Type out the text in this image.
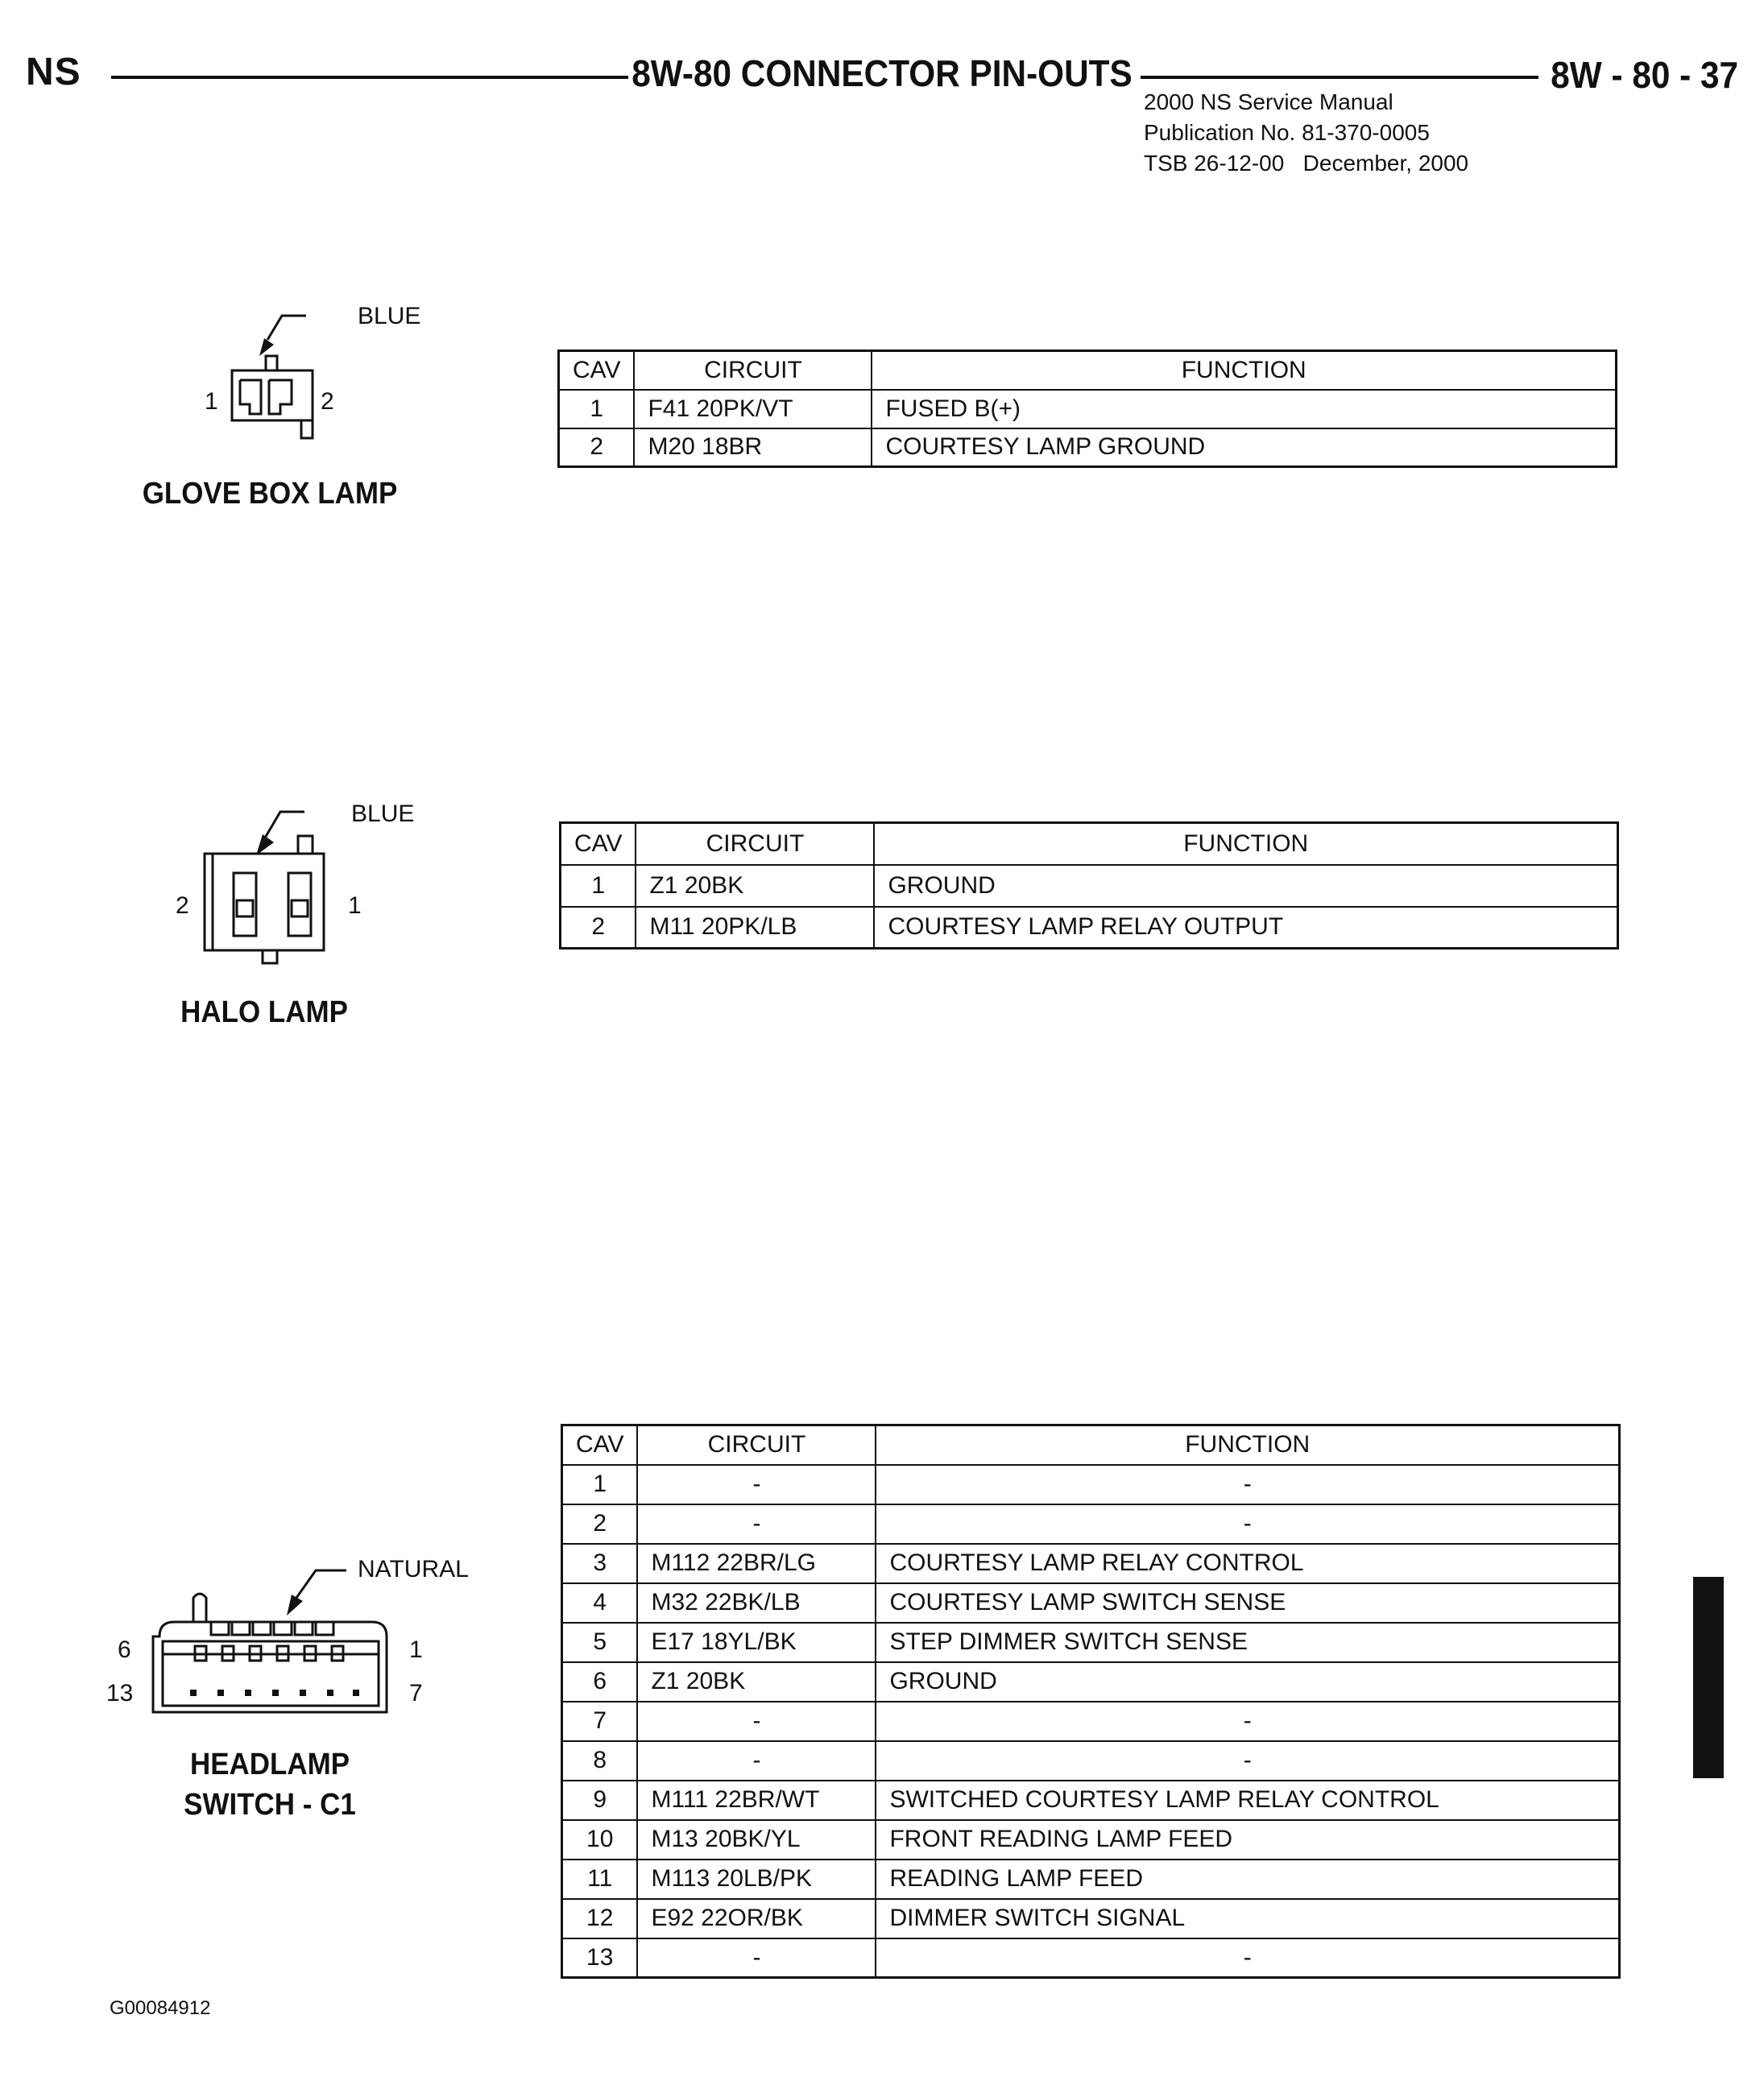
NS	8W-80 CONNECTOR PIN-OUTS	8W - 80 - 37
2000 NS Service Manual
Publication No. 81-370-0005
TSB 26-12-00   December, 2000
BLUE
1	2
GLOVE BOX LAMP
CAV	CIRCUIT	FUNCTION
1	F41 20PK/VT	FUSED B(+)
2	M20 18BR	COURTESY LAMP GROUND
BLUE
2	1
HALO LAMP
CAV	CIRCUIT	FUNCTION
1	Z1 20BK	GROUND
2	M11 20PK/LB	COURTESY LAMP RELAY OUTPUT
NATURAL
6	1
13	7
HEADLAMP
SWITCH - C1
CAV	CIRCUIT	FUNCTION
1	-	-
2	-	-
3	M112 22BR/LG	COURTESY LAMP RELAY CONTROL
4	M32 22BK/LB	COURTESY LAMP SWITCH SENSE
5	E17 18YL/BK	STEP DIMMER SWITCH SENSE
6	Z1 20BK	GROUND
7	-	-
8	-	-
9	M111 22BR/WT	SWITCHED COURTESY LAMP RELAY CONTROL
10	M13 20BK/YL	FRONT READING LAMP FEED
11	M113 20LB/PK	READING LAMP FEED
12	E92 22OR/BK	DIMMER SWITCH SIGNAL
13	-	-
G00084912
